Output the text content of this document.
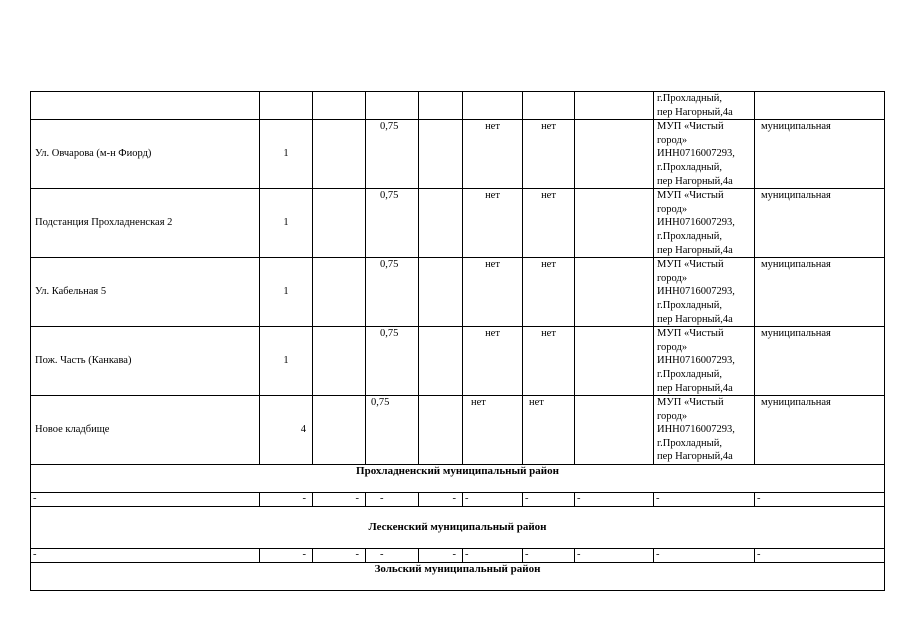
								г.Прохладный,
пер Нагорный,4а	

Ул. Овчарова (м-н Фиорд)	1		0,75		нет	нет		МУП «Чистый
город»
ИНН0716007293,
г.Прохладный,
пер Нагорный,4а	муниципальная
Подстанция Прохладненская 2	1		0,75		нет	нет		МУП «Чистый
город»
ИНН0716007293,
г.Прохладный,
пер Нагорный,4а	муниципальная
Ул. Кабельная 5	1		0,75		нет	нет		МУП «Чистый
город»
ИНН0716007293,
г.Прохладный,
пер Нагорный,4а	муниципальная
Пож. Часть (Канкава)	1		0,75		нет	нет		МУП «Чистый
город»
ИНН0716007293,
г.Прохладный,
пер Нагорный,4а	муниципальная
Новое кладбище	4		0,75		нет	нет		МУП «Чистый
город»
ИНН0716007293,
г.Прохладный,
пер Нагорный,4а	муниципальная
Прохладненский муниципальный район									
-	-	-	-	-	-	-	-	-	-
Лескенский муниципальный район									
-	-	-	-	-	-	-	-	-	-
Зольский муниципальный район									
